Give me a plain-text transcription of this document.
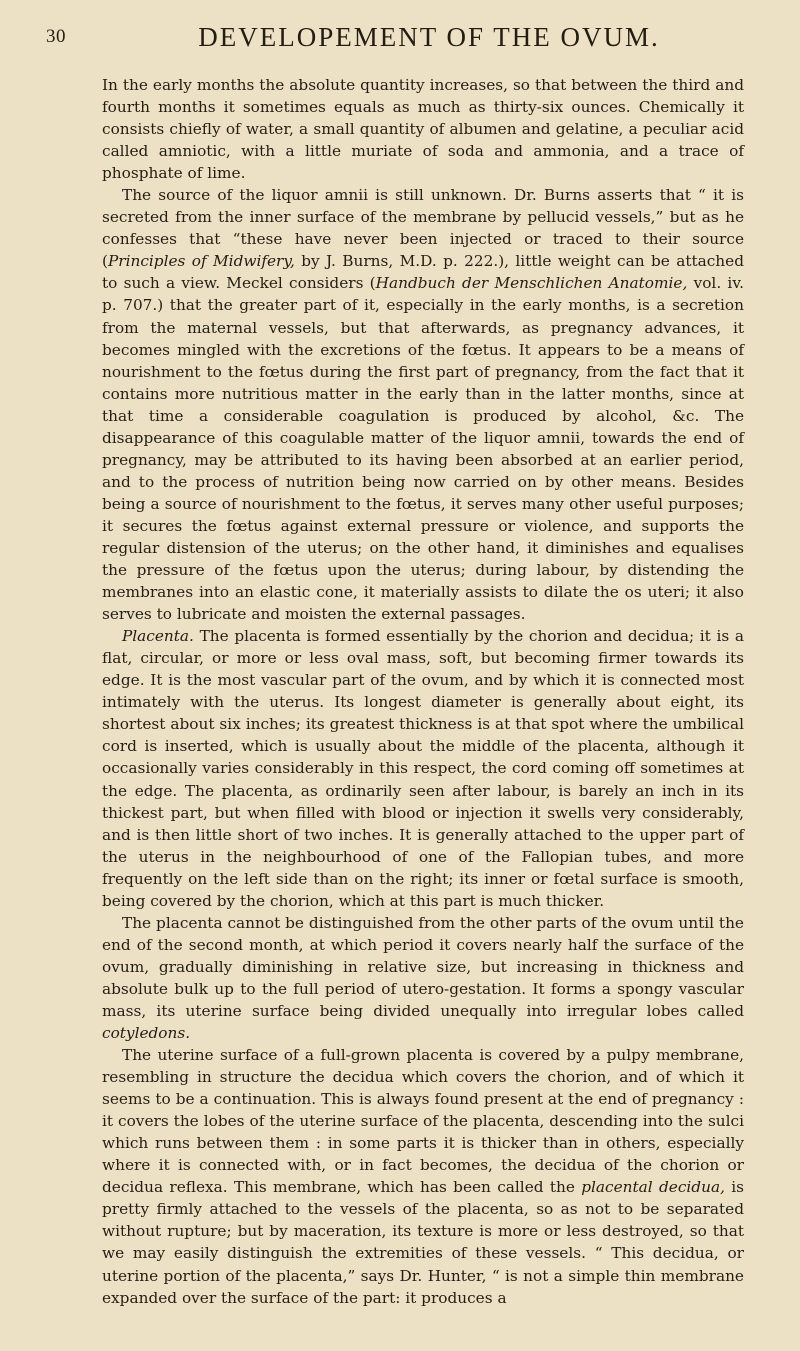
30	DEVELOPEMENT OF THE OVUM.

In the early months the absolute quantity increases, so that between the third and fourth months it sometimes equals as much as thirty-six ounces. Chemically it consists chiefly of water, a small quantity of albumen and gelatine, a peculiar acid called amniotic, with a little muriate of soda and ammonia, and a trace of phosphate of lime.

The source of the liquor amnii is still unknown. Dr. Burns asserts that “ it is secreted from the inner surface of the membrane by pellucid vessels,” but as he confesses that “these have never been injected or traced to their source (Principles of Midwifery, by J. Burns, M.D. p. 222.), little weight can be attached to such a view. Meckel considers (Handbuch der Menschlichen Anatomie, vol. iv. p. 707.) that the greater part of it, especially in the early months, is a secretion from the maternal vessels, but that afterwards, as pregnancy advances, it becomes mingled with the excretions of the fœtus. It appears to be a means of nourishment to the fœtus during the first part of pregnancy, from the fact that it contains more nutritious matter in the early than in the latter months, since at that time a considerable coagulation is produced by alcohol, &c. The disappearance of this coagulable matter of the liquor amnii, towards the end of pregnancy, may be attributed to its having been absorbed at an earlier period, and to the process of nutrition being now carried on by other means. Besides being a source of nourishment to the fœtus, it serves many other useful purposes; it secures the fœtus against external pressure or violence, and supports the regular distension of the uterus; on the other hand, it diminishes and equalises the pressure of the fœtus upon the uterus; during labour, by distending the membranes into an elastic cone, it materially assists to dilate the os uteri; it also serves to lubricate and moisten the external passages.

Placenta. The placenta is formed essentially by the chorion and decidua; it is a flat, circular, or more or less oval mass, soft, but becoming firmer towards its edge. It is the most vascular part of the ovum, and by which it is connected most intimately with the uterus. Its longest diameter is generally about eight, its shortest about six inches; its greatest thickness is at that spot where the umbilical cord is inserted, which is usually about the middle of the placenta, although it occasionally varies considerably in this respect, the cord coming off sometimes at the edge. The placenta, as ordinarily seen after labour, is barely an inch in its thickest part, but when filled with blood or injection it swells very considerably, and is then little short of two inches. It is generally attached to the upper part of the uterus in the neighbourhood of one of the Fallopian tubes, and more frequently on the left side than on the right; its inner or fœtal surface is smooth, being covered by the chorion, which at this part is much thicker.

The placenta cannot be distinguished from the other parts of the ovum until the end of the second month, at which period it covers nearly half the surface of the ovum, gradually diminishing in relative size, but increasing in thickness and absolute bulk up to the full period of utero-gestation. It forms a spongy vascular mass, its uterine surface being divided unequally into irregular lobes called cotyledons.

The uterine surface of a full-grown placenta is covered by a pulpy membrane, resembling in structure the decidua which covers the chorion, and of which it seems to be a continuation. This is always found present at the end of pregnancy : it covers the lobes of the uterine surface of the placenta, descending into the sulci which runs between them : in some parts it is thicker than in others, especially where it is connected with, or in fact becomes, the decidua of the chorion or decidua reflexa. This membrane, which has been called the placental decidua, is pretty firmly attached to the vessels of the placenta, so as not to be separated without rupture; but by maceration, its texture is more or less destroyed, so that we may easily distinguish the extremities of these vessels. “ This decidua, or uterine portion of the placenta,” says Dr. Hunter, “ is not a simple thin membrane expanded over the surface of the part: it produces a
